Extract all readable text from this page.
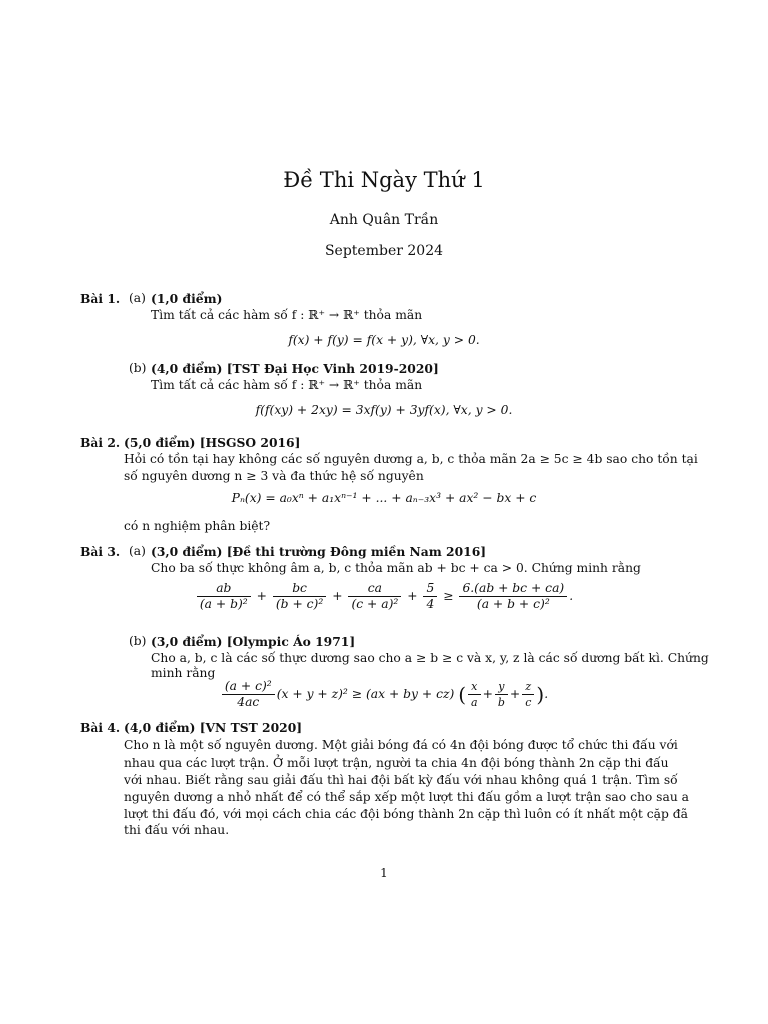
Đề Thi Ngày Thứ 1
Anh Quân Trần
September 2024
Bài 1. (a) (1,0 điểm)
Tìm tất cả các hàm số f : ℝ⁺ → ℝ⁺ thỏa mãn
f(x) + f(y) = f(x + y), ∀x, y > 0.
(b) (4,0 điểm) [TST Đại Học Vinh 2019-2020]
Tìm tất cả các hàm số f : ℝ⁺ → ℝ⁺ thỏa mãn
f(f(xy) + 2xy) = 3xf(y) + 3yf(x), ∀x, y > 0.
Bài 2. (5,0 điểm) [HSGSO 2016]
Hỏi có tồn tại hay không các số nguyên dương a, b, c thỏa mãn 2a ≥ 5c ≥ 4b sao cho tồn tại
số nguyên dương n ≥ 3 và đa thức hệ số nguyên
Pₙ(x) = a₀xⁿ + a₁xⁿ⁻¹ + ... + aₙ₋₃x³ + ax² − bx + c
có n nghiệm phân biệt?
Bài 3. (a) (3,0 điểm) [Đề thi trường Đông miền Nam 2016]
Cho ba số thực không âm a, b, c thỏa mãn ab + bc + ca > 0. Chứng minh rằng
$\frac{ab}{\text{(a + b)²}} + \frac{bc}{\text{(b + c)²}} + \frac{ca}{\text{(c + a)²}} + \frac{5}{4} \ge \frac{6.(ab + bc + ca)}{\text{(a + b + c)²}}$ .
(b) (3,0 điểm) [Olympic Áo 1971]
Cho a, b, c là các số thực dương sao cho a ≥ b ≥ c và x, y, z là các số dương bất kì. Chứng
minh rằng
$\frac{\text{(a + c)²}}{4ac} (x + y + z)^2 \ge (ax$ + by + cz) ( $\frac{x}{a} + \frac{y}{b} + \frac{z}{c}$ ).
Bài 4. (4,0 điểm) [VN TST 2020]
Cho n là một số nguyên dương. Một giải bóng đá có 4n đội bóng được tổ chức thi đấu với
nhau qua các lượt trận. Ở mỗi lượt trận, người ta chia 4n đội bóng thành 2n cặp thi đấu
với nhau. Biết rằng sau giải đấu thì hai đội bất kỳ đấu với nhau không quá 1 trận. Tìm số
nguyên dương a nhỏ nhất để có thể sắp xếp một lượt thi đấu gồm a lượt trận sao cho sau a
lượt thi đấu đó, với mọi cách chia các đội bóng thành 2n cặp thì luôn có ít nhất một cặp đã
thi đấu với nhau.
1
